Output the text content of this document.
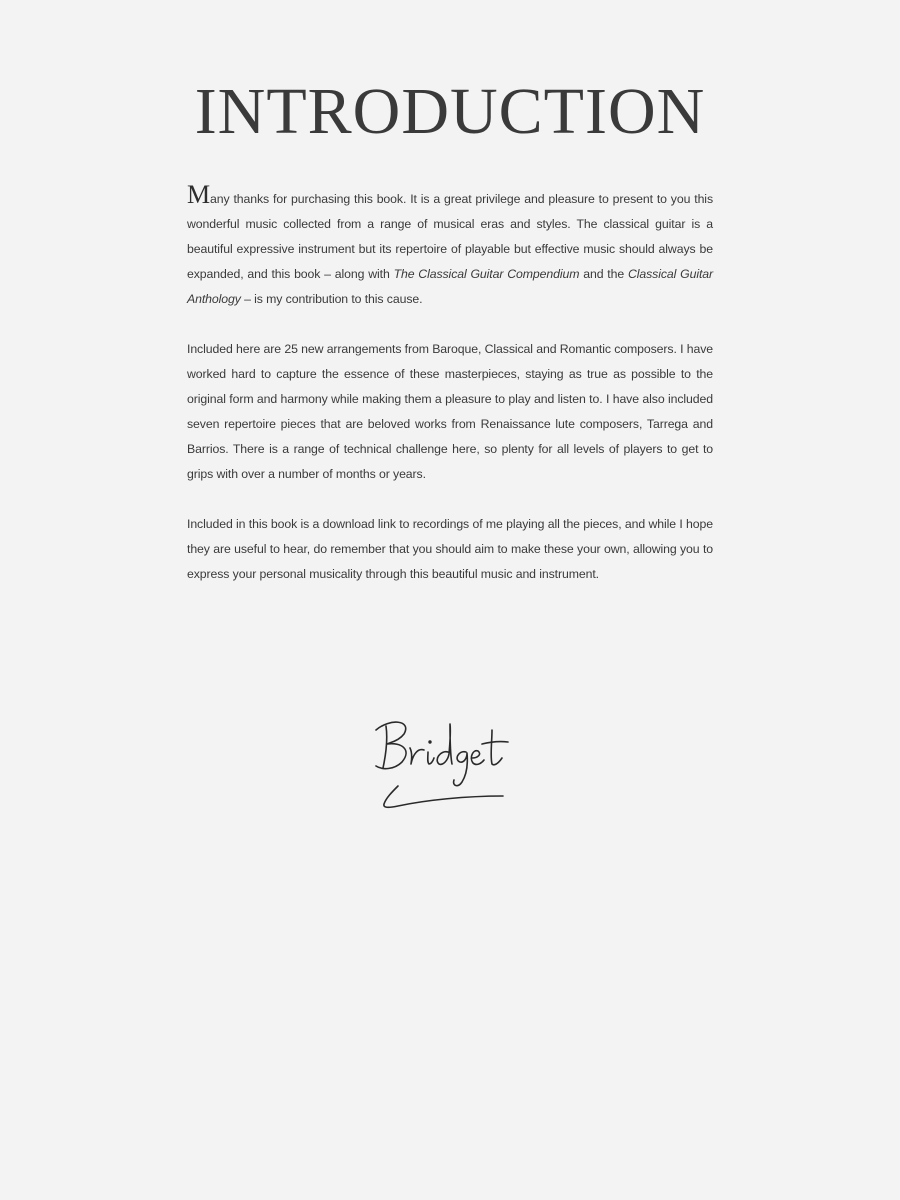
INTRODUCTION

Many thanks for purchasing this book. It is a great privilege and pleasure to present to you this wonderful music collected from a range of musical eras and styles. The classical guitar is a beautiful expressive instrument but its repertoire of playable but effective music should always be expanded, and this book – along with The Classical Guitar Compendium and the Classical Guitar Anthology – is my contribution to this cause.

Included here are 25 new arrangements from Baroque, Classical and Romantic composers. I have worked hard to capture the essence of these masterpieces, staying as true as possible to the original form and harmony while making them a pleasure to play and listen to. I have also included seven repertoire pieces that are beloved works from Renaissance lute composers, Tarrega and Barrios. There is a range of technical challenge here, so plenty for all levels of players to get to grips with over a number of months or years.

Included in this book is a download link to recordings of me playing all the pieces, and while I hope they are useful to hear, do remember that you should aim to make these your own, allowing you to express your personal musicality through this beautiful music and instrument.
